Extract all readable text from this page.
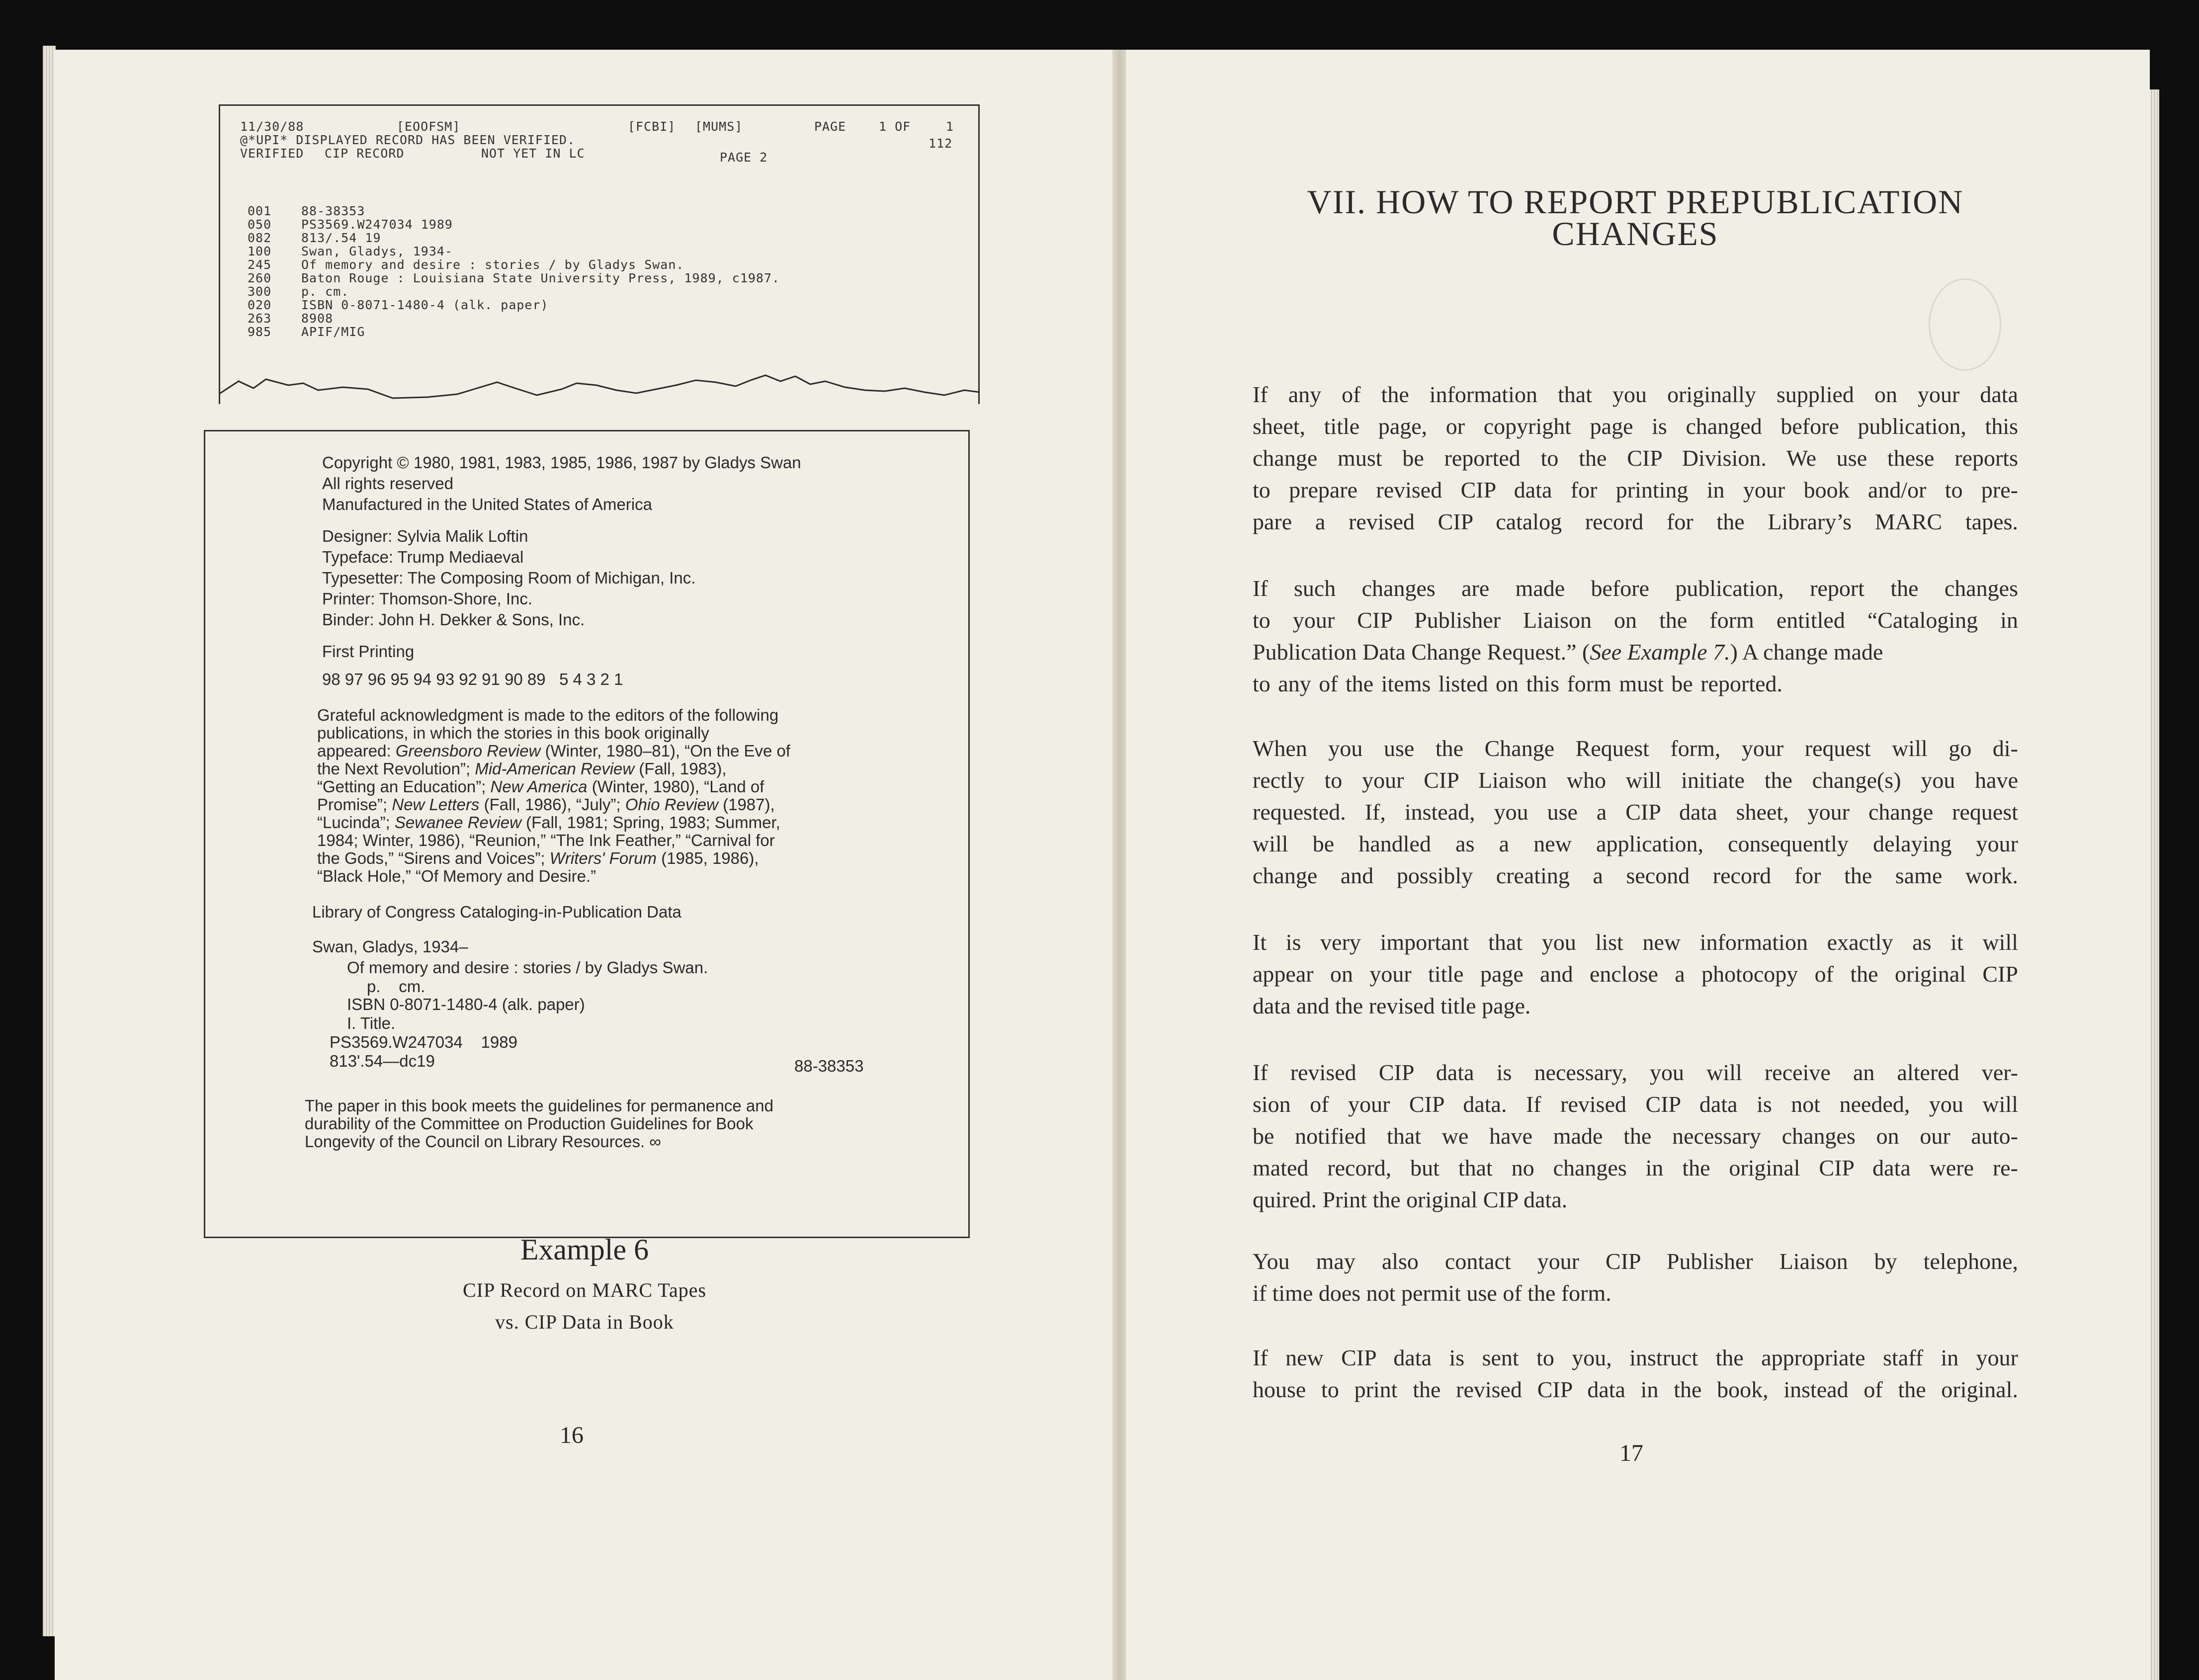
11/30/88	[EOOFSM]	[FCBI] [MUMS]	PAGE	1 OF	1
@*UPI* DISPLAYED RECORD HAS BEEN VERIFIED.	112
VERIFIED CIP RECORD	NOT YET IN LC	PAGE 2
001 88-38353
050 PS3569.W247034 1989
082 813/.54 19
100 Swan, Gladys, 1934-
245 Of memory and desire : stories / by Gladys Swan.
260 Baton Rouge : Louisiana State University Press, 1989, c1987.
300 p. cm.
020 ISBN 0-8071-1480-4 (alk. paper)
263 8908
985 APIF/MIG
Copyright © 1980, 1981, 1983, 1985, 1986, 1987 by Gladys Swan
All rights reserved
Manufactured in the United States of America
Designer: Sylvia Malik Loftin
Typeface: Trump Mediaeval
Typesetter: The Composing Room of Michigan, Inc.
Printer: Thomson-Shore, Inc.
Binder: John H. Dekker & Sons, Inc.
First Printing
98 97 96 95 94 93 92 91 90 89   5 4 3 2 1
Grateful acknowledgment is made to the editors of the following
publications, in which the stories in this book originally
appeared: Greensboro Review (Winter, 1980–81), “On the Eve of
the Next Revolution”; Mid-American Review (Fall, 1983),
“Getting an Education”; New America (Winter, 1980), “Land of
Promise”; New Letters (Fall, 1986), “July”; Ohio Review (1987),
“Lucinda”; Sewanee Review (Fall, 1981; Spring, 1983; Summer,
1984; Winter, 1986), “Reunion,” “The Ink Feather,” “Carnival for
the Gods,” “Sirens and Voices”; Writers' Forum (1985, 1986),
“Black Hole,” “Of Memory and Desire.”
Library of Congress Cataloging-in-Publication Data
Swan, Gladys, 1934–
Of memory and desire : stories / by Gladys Swan.
p.    cm.
ISBN 0-8071-1480-4 (alk. paper)
I. Title.
PS3569.W247034    1989
813'.54—dc19	88-38353
The paper in this book meets the guidelines for permanence and
durability of the Committee on Production Guidelines for Book
Longevity of the Council on Library Resources. ∞
Example 6
CIP Record on MARC Tapes
vs. CIP Data in Book
16
VII. HOW TO REPORT PREPUBLICATION
CHANGES
If any of the information that you originally supplied on your data
sheet, title page, or copyright page is changed before publication, this
change must be reported to the CIP Division. We use these reports
to prepare revised CIP data for printing in your book and/or to pre-
pare a revised CIP catalog record for the Library’s MARC tapes.
If such changes are made before publication, report the changes
to your CIP Publisher Liaison on the form entitled “Cataloging in
Publication Data Change Request.” (See Example 7.) A change made
to any of the items listed on this form must be reported.
When you use the Change Request form, your request will go di-
rectly to your CIP Liaison who will initiate the change(s) you have
requested. If, instead, you use a CIP data sheet, your change request
will be handled as a new application, consequently delaying your
change and possibly creating a second record for the same work.
It is very important that you list new information exactly as it will
appear on your title page and enclose a photocopy of the original CIP
data and the revised title page.
If revised CIP data is necessary, you will receive an altered ver-
sion of your CIP data. If revised CIP data is not needed, you will
be notified that we have made the necessary changes on our auto-
mated record, but that no changes in the original CIP data were re-
quired. Print the original CIP data.
You may also contact your CIP Publisher Liaison by telephone,
if time does not permit use of the form.
If new CIP data is sent to you, instruct the appropriate staff in your
house to print the revised CIP data in the book, instead of the original.
17
